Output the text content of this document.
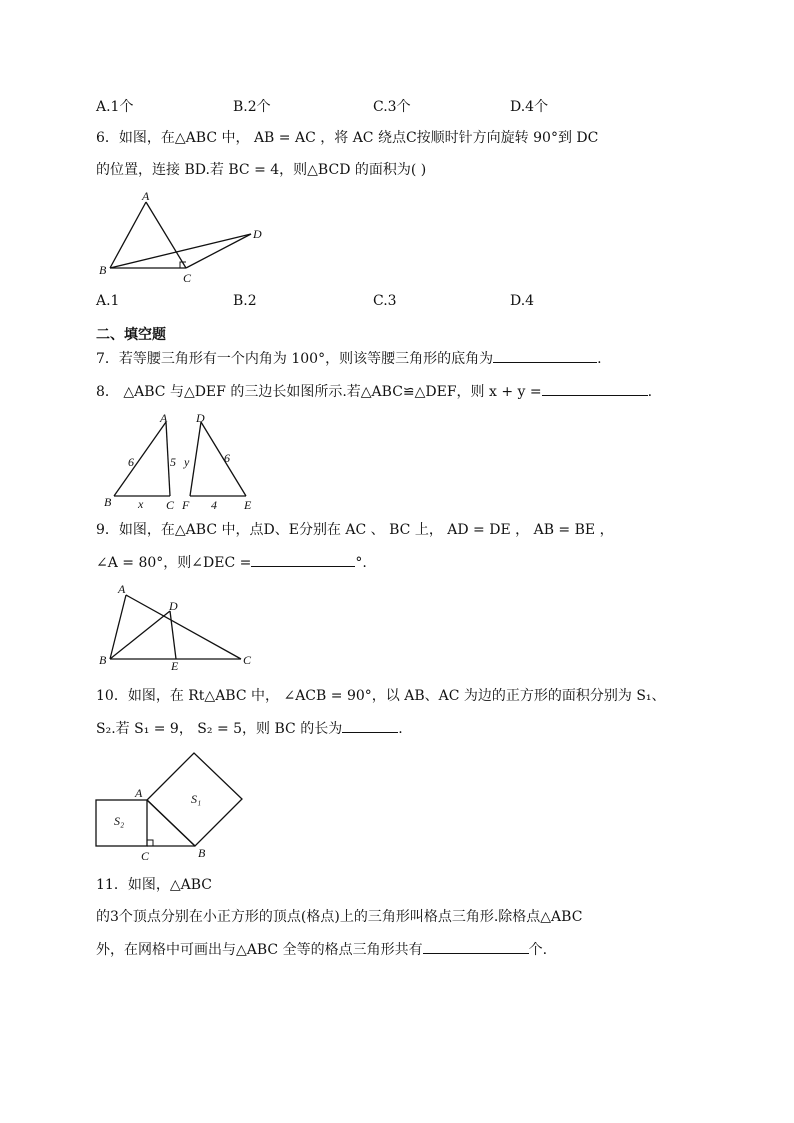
A.1个	B.2个	C.3个	D.4个
6．如图，在△ABC 中， AB = AC ，将 AC 绕点C按顺时针方向旋转 90°到 DC
的位置，连接 BD.若 BC = 4，则△BCD 的面积为( )
A
B
C
D
A.1	B.2	C.3	D.4
二、填空题
7．若等腰三角形有一个内角为 100°，则该等腰三角形的底角为	.
8． △ABC 与△DEF 的三边长如图所示.若△ABC≌△DEF，则 x + y =	.
A
B	C
6	5
x
D
F	E
y	6
4
9．如图，在△ABC 中，点D、E分别在 AC 、 BC 上， AD = DE ， AB = BE ，
∠A = 80°，则∠DEC =	°.
A
D
B	E	C
10．如图，在 Rt△ABC 中， ∠ACB = 90°，以 AB、AC 为边的正方形的面积分别为 S₁、
S₂.若 S₁ = 9， S₂ = 5，则 BC 的长为	.
A
S₂
S₁
C	B
11．如图，△ABC
的3个顶点分别在小正方形的顶点(格点)上的三角形叫格点三角形.除格点△ABC
外，在网格中可画出与△ABC 全等的格点三角形共有	个.
